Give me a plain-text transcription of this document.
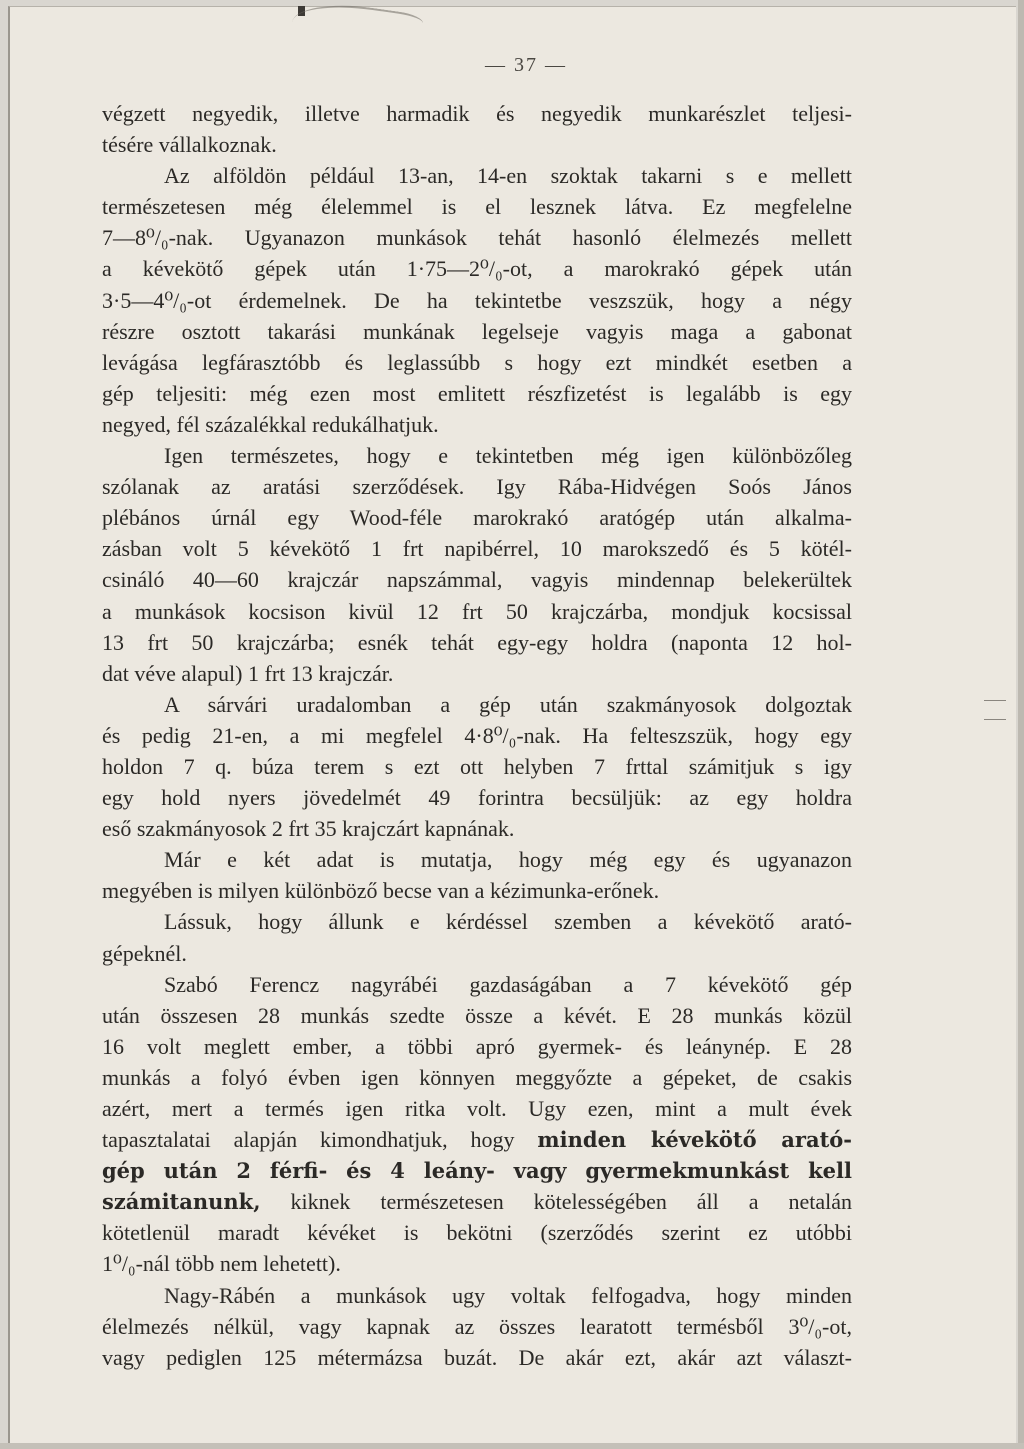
— 37 —
végzett negyedik, illetve harmadik és negyedik munkarészlet teljesi-
tésére vállalkoznak.
Az alföldön például 13-an, 14-en szoktak takarni s e mellett
természetesen még élelemmel is el lesznek látva. Ez megfelelne
7—8⁰/₀-nak. Ugyanazon munkások tehát hasonló élelmezés mellett
a kévekötő gépek után 1·75—2⁰/₀-ot, a marokrakó gépek után
3·5—4⁰/₀-ot érdemelnek. De ha tekintetbe veszszük, hogy a négy
részre osztott takarási munkának legelseje vagyis maga a gabonat
levágása legfárasztóbb és leglassúbb s hogy ezt mindkét esetben a
gép teljesiti: még ezen most emlitett részfizetést is legalább is egy
negyed, fél százalékkal redukálhatjuk.
Igen természetes, hogy e tekintetben még igen különbözőleg
szólanak az aratási szerződések. Igy Rába-Hidvégen Soós János
plébános úrnál egy Wood-féle marokrakó aratógép után alkalma-
zásban volt 5 kévekötő 1 frt napibérrel, 10 marokszedő és 5 kötél-
csináló 40—60 krajczár napszámmal, vagyis mindennap belekerültek
a munkások kocsison kivül 12 frt 50 krajczárba, mondjuk kocsissal
13 frt 50 krajczárba; esnék tehát egy-egy holdra (naponta 12 hol-
dat véve alapul) 1 frt 13 krajczár.
A sárvári uradalomban a gép után szakmányosok dolgoztak
és pedig 21-en, a mi megfelel 4·8⁰/₀-nak. Ha felteszszük, hogy egy
holdon 7 q. búza terem s ezt ott helyben 7 frttal számitjuk s igy
egy hold nyers jövedelmét 49 forintra becsüljük: az egy holdra
eső szakmányosok 2 frt 35 krajczárt kapnának.
Már e két adat is mutatja, hogy még egy és ugyanazon
megyében is milyen különböző becse van a kézimunka-erőnek.
Lássuk, hogy állunk e kérdéssel szemben a kévekötő arató-
gépeknél.
Szabó Ferencz nagyrábéi gazdaságában a 7 kévekötő gép
után összesen 28 munkás szedte össze a kévét. E 28 munkás közül
16 volt meglett ember, a többi apró gyermek- és leánynép. E 28
munkás a folyó évben igen könnyen meggyőzte a gépeket, de csakis
azért, mert a termés igen ritka volt. Ugy ezen, mint a mult évek
tapasztalatai alapján kimondhatjuk, hogy minden kévekötő arató-
gép után 2 férfi- és 4 leány- vagy gyermekmunkást kell
számitanunk, kiknek természetesen kötelességében áll a netalán
kötetlenül maradt kévéket is bekötni (szerződés szerint ez utóbbi
1⁰/₀-nál több nem lehetett).
Nagy-Rábén a munkások ugy voltak felfogadva, hogy minden
élelmezés nélkül, vagy kapnak az összes learatott termésből 3⁰/₀-ot,
vagy pediglen 125 métermázsa buzát. De akár ezt, akár azt választ-
